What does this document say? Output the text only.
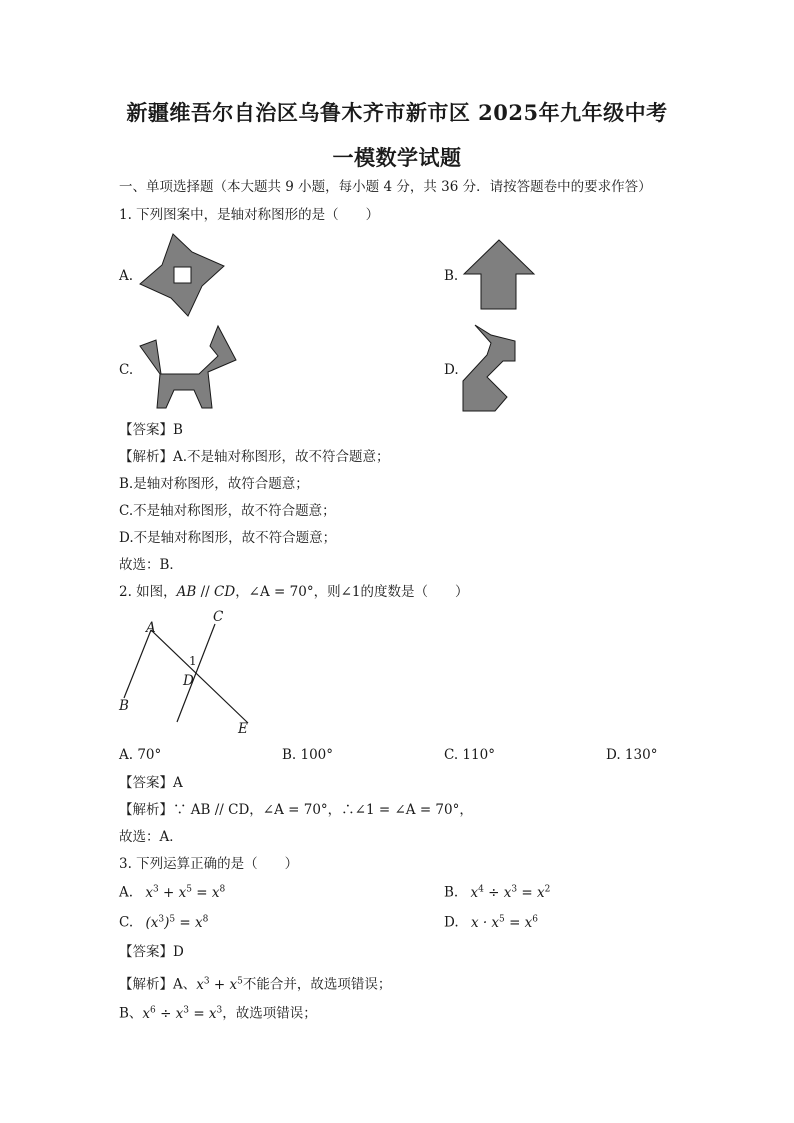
新疆维吾尔自治区乌鲁木齐市新市区 2025年九年级中考
一模数学试题
一、单项选择题（本大题共 9 小题，每小题 4 分，共 36 分．请按答题卷中的要求作答）
1. 下列图案中，是轴对称图形的是（　　）
A.	B.
C.	D.
【答案】B
【解析】A.不是轴对称图形，故不符合题意；
B.是轴对称图形，故符合题意；
C.不是轴对称图形，故不符合题意；
D.不是轴对称图形，故不符合题意；
故选：B．
2. 如图，AB // CD，∠A = 70°，则∠1的度数是（　　）
A
B
C
D
E
1
A. 70°	B. 100°	C. 110°	D. 130°
【答案】A
【解析】∵ AB // CD，∠A = 70°，∴∠1 = ∠A = 70°，
故选：A．
3. 下列运算正确的是（　　）
A. $x^3 + x^5 = x^8$	B. $x^4 \div x^3 = x^2$
C. $(x^3)^5 = x^8$	D. $x \cdot x^5 = x^6$
【答案】D
【解析】A、$x^3 + x^5$不能合并，故选项错误；
B、$x^6 \div x^3 = x^3$，故选项错误；
